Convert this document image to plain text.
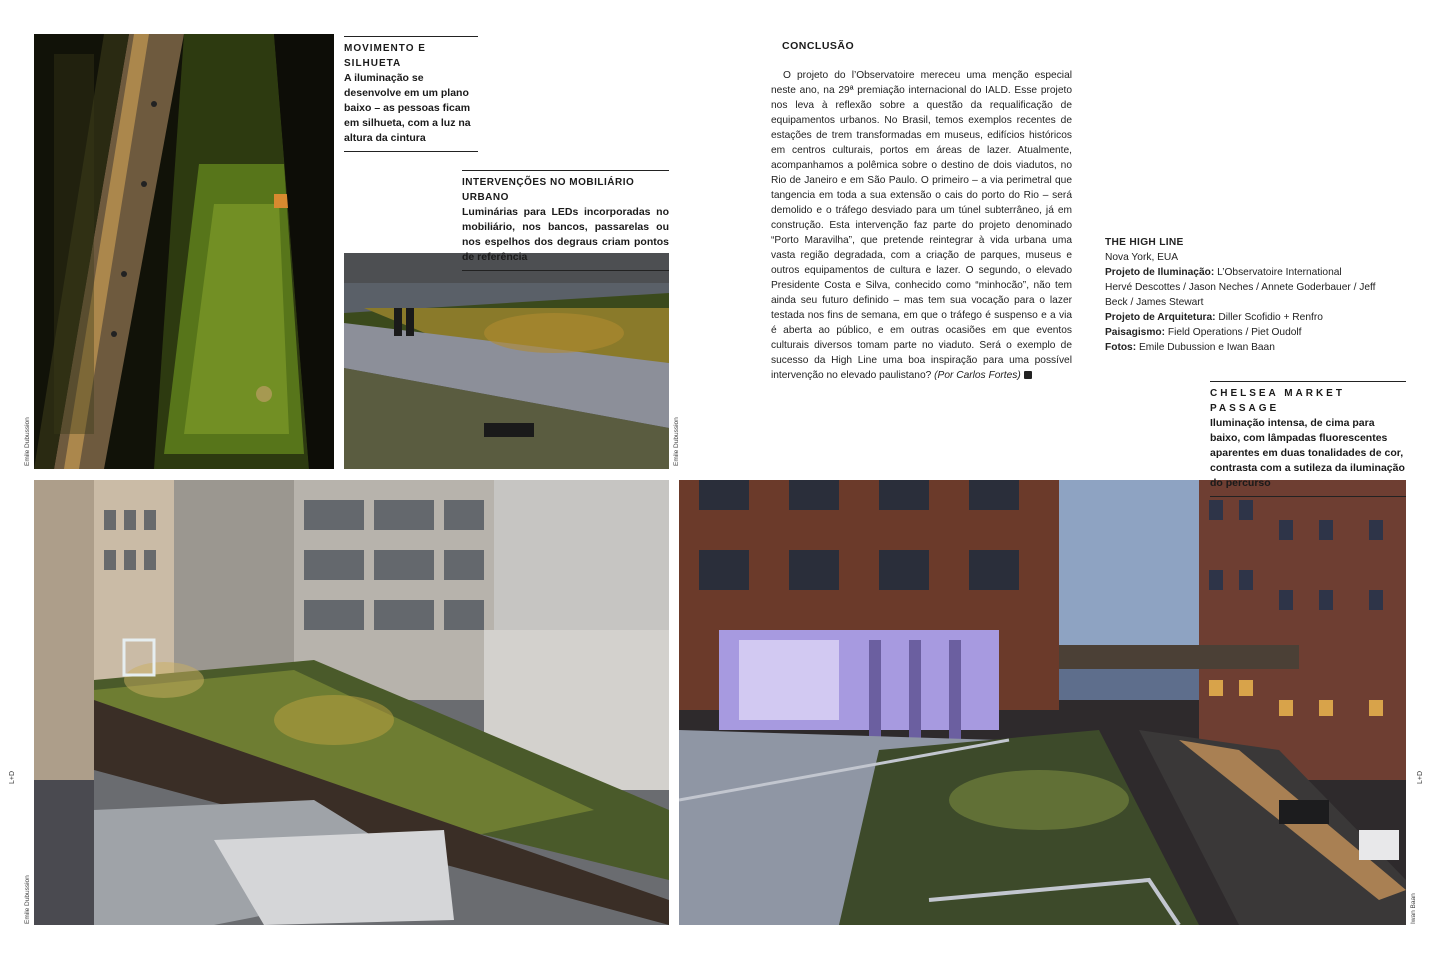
MOVIMENTO E SILHUETA
A iluminação se desenvolve em um plano baixo – as pessoas ficam em silhueta, com a luz na altura da cintura
INTERVENÇÕES NO MOBILIÁRIO URBANO
Luminárias para LEDs incorporadas no mobiliário, nos bancos, passarelas ou nos espelhos dos degraus criam pontos de referência
CHELSEA MARKET PASSAGE
Iluminação intensa, de cima para baixo, com lâmpadas fluorescentes aparentes em duas tonalidades de cor, contrasta com a sutileza da iluminação do percurso
CONCLUSÃO

O projeto do l’Observatoire mereceu uma menção especial neste ano, na 29ª premiação internacional do IALD. Esse projeto nos leva à reflexão sobre a questão da requalificação de equipamentos urbanos. No Brasil, temos exemplos recentes de estações de trem transformadas em museus, edifícios históricos em centros culturais, portos em áreas de lazer. Atualmente, acompanhamos a polêmica sobre o destino de dois viadutos, no Rio de Janeiro e em São Paulo. O primeiro – a via perimetral que tangencia em toda a sua extensão o cais do porto do Rio – será demolido e o tráfego desviado para um túnel subterrâneo, já em construção. Esta intervenção faz parte do projeto denominado “Porto Maravilha”, que pretende reintegrar à vida urbana uma vasta região degradada, com a criação de parques, museus e outros equipamentos de cultura e lazer. O segundo, o elevado Presidente Costa e Silva, conhecido como “minhocão”, não tem ainda seu futuro definido – mas tem sua vocação para o lazer testada nos fins de semana, em que o tráfego é suspenso e a via é aberta ao público, e em outras ocasiões em que eventos culturais diversos tomam parte no viaduto. Será o exemplo de sucesso da High Line uma boa inspiração para uma possível intervenção no elevado paulistano? (Por Carlos Fortes)

THE HIGH LINE
Nova York, EUA
Projeto de Iluminação: L’Observatoire International
Hervé Descottes / Jason Neches / Annete Goderbauer / Jeff Beck / James Stewart
Projeto de Arquitetura: Diller Scofidio + Renfro
Paisagismo: Field Operations / Piet Oudolf
Fotos: Emile Dubussion e Iwan Baan
Emile Dubussion	Emile Dubussion
Emile Dubussion	Iwan Baan
L+D	L+D
